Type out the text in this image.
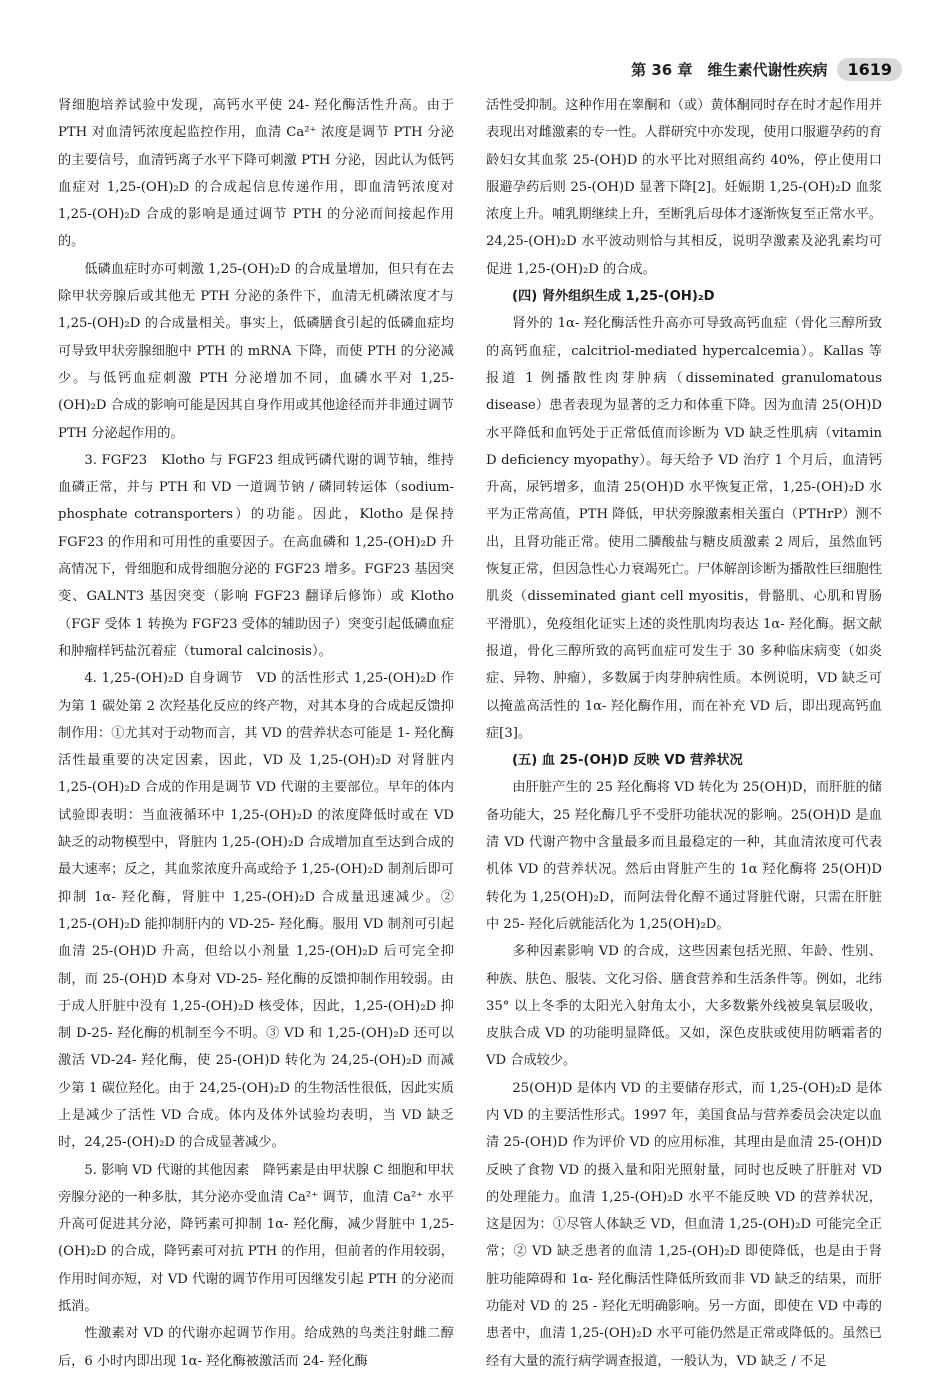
第 36 章　维生素代谢性疾病	1619

肾细胞培养试验中发现，高钙水平使 24- 羟化酶活性升高。由于 PTH 对血清钙浓度起监控作用，血清 Ca²⁺ 浓度是调节 PTH 分泌的主要信号，血清钙离子水平下降可刺激 PTH 分泌，因此认为低钙血症对 1,25-(OH)₂D 的合成起信息传递作用，即血清钙浓度对 1,25-(OH)₂D 合成的影响是通过调节 PTH 的分泌而间接起作用的。

低磷血症时亦可刺激 1,25-(OH)₂D 的合成量增加，但只有在去除甲状旁腺后或其他无 PTH 分泌的条件下，血清无机磷浓度才与 1,25-(OH)₂D 的合成量相关。事实上，低磷膳食引起的低磷血症均可导致甲状旁腺细胞中 PTH 的 mRNA 下降，而使 PTH 的分泌减少。与低钙血症刺激 PTH 分泌增加不同，血磷水平对 1,25-(OH)₂D 合成的影响可能是因其自身作用或其他途径而并非通过调节 PTH 分泌起作用的。

3. FGF23　Klotho 与 FGF23 组成钙磷代谢的调节轴，维持血磷正常，并与 PTH 和 VD 一道调节钠 / 磷同转运体（sodium-phosphate cotransporters）的功能。因此，Klotho 是保持 FGF23 的作用和可用性的重要因子。在高血磷和 1,25-(OH)₂D 升高情况下，骨细胞和成骨细胞分泌的 FGF23 增多。FGF23 基因突变、GALNT3 基因突变（影响 FGF23 翻译后修饰）或 Klotho（FGF 受体 1 转换为 FGF23 受体的辅助因子）突变引起低磷血症和肿瘤样钙盐沉着症（tumoral calcinosis）。

4. 1,25-(OH)₂D 自身调节　VD 的活性形式 1,25-(OH)₂D 作为第 1 碳处第 2 次羟基化反应的终产物，对其本身的合成起反馈抑制作用：①尤其对于动物而言，其 VD 的营养状态可能是 1- 羟化酶活性最重要的决定因素，因此，VD 及 1,25-(OH)₂D 对肾脏内 1,25-(OH)₂D 合成的作用是调节 VD 代谢的主要部位。早年的体内试验即表明：当血液循环中 1,25-(OH)₂D 的浓度降低时或在 VD 缺乏的动物模型中，肾脏内 1,25-(OH)₂D 合成增加直至达到合成的最大速率；反之，其血浆浓度升高或给予 1,25-(OH)₂D 制剂后即可抑制 1α- 羟化酶，肾脏中 1,25-(OH)₂D 合成量迅速减少。② 1,25-(OH)₂D 能抑制肝内的 VD-25- 羟化酶。服用 VD 制剂可引起血清 25-(OH)D 升高，但给以小剂量 1,25-(OH)₂D 后可完全抑制，而 25-(OH)D 本身对 VD-25- 羟化酶的反馈抑制作用较弱。由于成人肝脏中没有 1,25-(OH)₂D 核受体，因此，1,25-(OH)₂D 抑制 D-25- 羟化酶的机制至今不明。③ VD 和 1,25-(OH)₂D 还可以激活 VD-24- 羟化酶，使 25-(OH)D 转化为 24,25-(OH)₂D 而减少第 1 碳位羟化。由于 24,25-(OH)₂D 的生物活性很低，因此实质上是减少了活性 VD 合成。体内及体外试验均表明，当 VD 缺乏时，24,25-(OH)₂D 的合成显著减少。

5. 影响 VD 代谢的其他因素　降钙素是由甲状腺 C 细胞和甲状旁腺分泌的一种多肽，其分泌亦受血清 Ca²⁺ 调节，血清 Ca²⁺ 水平升高可促进其分泌，降钙素可抑制 1α- 羟化酶，减少肾脏中 1,25-(OH)₂D 的合成，降钙素可对抗 PTH 的作用，但前者的作用较弱，作用时间亦短，对 VD 代谢的调节作用可因继发引起 PTH 的分泌而抵消。

性激素对 VD 的代谢亦起调节作用。给成熟的鸟类注射雌二醇后，6 小时内即出现 1α- 羟化酶被激活而 24- 羟化酶

活性受抑制。这种作用在睾酮和（或）黄体酮同时存在时才起作用并表现出对雌激素的专一性。人群研究中亦发现，使用口服避孕药的育龄妇女其血浆 25-(OH)D 的水平比对照组高约 40%，停止使用口服避孕药后则 25-(OH)D 显著下降[2]。妊娠期 1,25-(OH)₂D 血浆浓度上升。哺乳期继续上升，至断乳后母体才逐渐恢复至正常水平。24,25-(OH)₂D 水平波动则恰与其相反，说明孕激素及泌乳素均可促进 1,25-(OH)₂D 的合成。

(四) 肾外组织生成 1,25-(OH)₂D

肾外的 1α- 羟化酶活性升高亦可导致高钙血症（骨化三醇所致的高钙血症，calcitriol-mediated hypercalcemia）。Kallas 等报道 1 例播散性肉芽肿病（disseminated granulomatous disease）患者表现为显著的乏力和体重下降。因为血清 25(OH)D 水平降低和血钙处于正常低值而诊断为 VD 缺乏性肌病（vitamin D deficiency myopathy）。每天给予 VD 治疗 1 个月后，血清钙升高，尿钙增多，血清 25(OH)D 水平恢复正常，1,25-(OH)₂D 水平为正常高值，PTH 降低，甲状旁腺激素相关蛋白（PTHrP）测不出，且肾功能正常。使用二膦酸盐与糖皮质激素 2 周后，虽然血钙恢复正常，但因急性心力衰竭死亡。尸体解剖诊断为播散性巨细胞性肌炎（disseminated giant cell myositis，骨骼肌、心肌和胃肠平滑肌），免疫组化证实上述的炎性肌肉均表达 1α- 羟化酶。据文献报道，骨化三醇所致的高钙血症可发生于 30 多种临床病变（如炎症、异物、肿瘤），多数属于肉芽肿病性质。本例说明，VD 缺乏可以掩盖高活性的 1α- 羟化酶作用，而在补充 VD 后，即出现高钙血症[3]。

(五) 血 25-(OH)D 反映 VD 营养状况

由肝脏产生的 25 羟化酶将 VD 转化为 25(OH)D，而肝脏的储备功能大，25 羟化酶几乎不受肝功能状况的影响。25(OH)D 是血清 VD 代谢产物中含量最多而且最稳定的一种，其血清浓度可代表机体 VD 的营养状况。然后由肾脏产生的 1α 羟化酶将 25(OH)D 转化为 1,25(OH)₂D，而阿法骨化醇不通过肾脏代谢，只需在肝脏中 25- 羟化后就能活化为 1,25(OH)₂D。

多种因素影响 VD 的合成，这些因素包括光照、年龄、性别、种族、肤色、服装、文化习俗、膳食营养和生活条件等。例如，北纬 35° 以上冬季的太阳光入射角太小，大多数紫外线被臭氧层吸收，皮肤合成 VD 的功能明显降低。又如，深色皮肤或使用防晒霜者的 VD 合成较少。

25(OH)D 是体内 VD 的主要储存形式，而 1,25-(OH)₂D 是体内 VD 的主要活性形式。1997 年，美国食品与营养委员会决定以血清 25-(OH)D 作为评价 VD 的应用标准，其理由是血清 25-(OH)D 反映了食物 VD 的摄入量和阳光照射量，同时也反映了肝脏对 VD 的处理能力。血清 1,25-(OH)₂D 水平不能反映 VD 的营养状况，这是因为：①尽管人体缺乏 VD，但血清 1,25-(OH)₂D 可能完全正常；② VD 缺乏患者的血清 1,25-(OH)₂D 即使降低，也是由于肾脏功能障碍和 1α- 羟化酶活性降低所致而非 VD 缺乏的结果，而肝功能对 VD 的 25 - 羟化无明确影响。另一方面，即使在 VD 中毒的患者中，血清 1,25-(OH)₂D 水平可能仍然是正常或降低的。虽然已经有大量的流行病学调查报道，一般认为，VD 缺乏 / 不足
